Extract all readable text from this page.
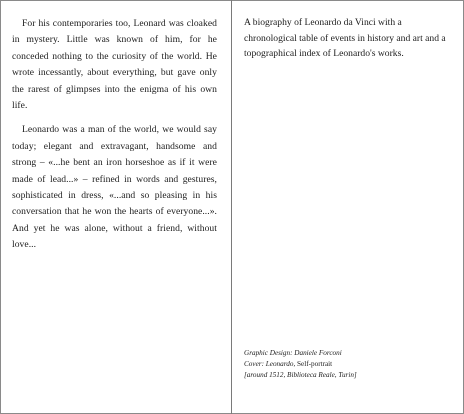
For his contemporaries too, Leonard was cloaked in mystery. Little was known of him, for he conceded nothing to the curiosity of the world. He wrote incessantly, about everything, but gave only the rarest of glimpses into the enigma of his own life.

Leonardo was a man of the world, we would say today; elegant and extravagant, handsome and strong – «...he bent an iron horseshoe as if it were made of lead...» – refined in words and gestures, sophisticated in dress, «...and so pleasing in his conversation that he won the hearts of everyone...». And yet he was alone, without a friend, without love...

A biography of Leonardo da Vinci with a chronological table of events in history and art and a topographical index of Leonardo's works.

Graphic Design: Daniele Forconi
Cover: Leonardo, Self-portrait
[around 1512, Biblioteca Reale, Turin]
